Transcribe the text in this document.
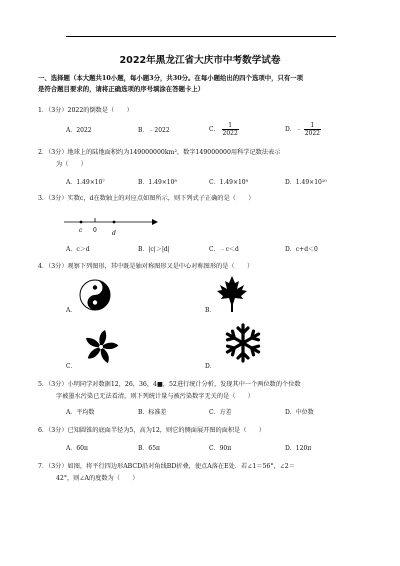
2022年黑龙江省大庆市中考数学试卷
一、选择题（本大题共10小题，每小题3分，共30分。在每小题给出的四个选项中，只有一项
是符合题目要求的，请将正确选项的序号填涂在答题卡上）
1．（3分）2022的倒数是（　　）
A．2022	B．﹣2022	C． $\frac{1}{2022}$	D．﹣ $\frac{1}{2022}$
2．（3分）地球上的陆地面积约为149000000km²，数字149000000用科学记数法表示
为（　　）
A．1.49×10⁷	B．1.49×10⁸	C．1.49×10⁹	D．1.49×10¹⁰
3．（3分）实数c，d在数轴上的对应点如图所示，则下列式子正确的是（　　）
c 0	d
A．c＞d	B．|c|＞|d|	C．﹣c＜d	D．c+d＜0
4．（3分）观察下列图形，其中既是轴对称图形又是中心对称图形的是（　　）
A．	B．
C．	D．
5．（3分）小明同学对数据12，26，36，4■，52进行统计分析，发现其中一个两位数的个位数
字被墨水污染已无法看清，则下列统计量与被污染数字无关的是（　　）
A．平均数	B．标准差	C．方差	D．中位数
6．（3分）已知圆锥的底面半径为5，高为12，则它的侧面展开图的面积是（　　）
A．60π	B．65π	C．90π	D．120π
7．（3分）如图，将平行四边形ABCD沿对角线BD折叠，使点A落在E处．若∠1＝56°，∠2＝
42°，则∠A的度数为（　　）
